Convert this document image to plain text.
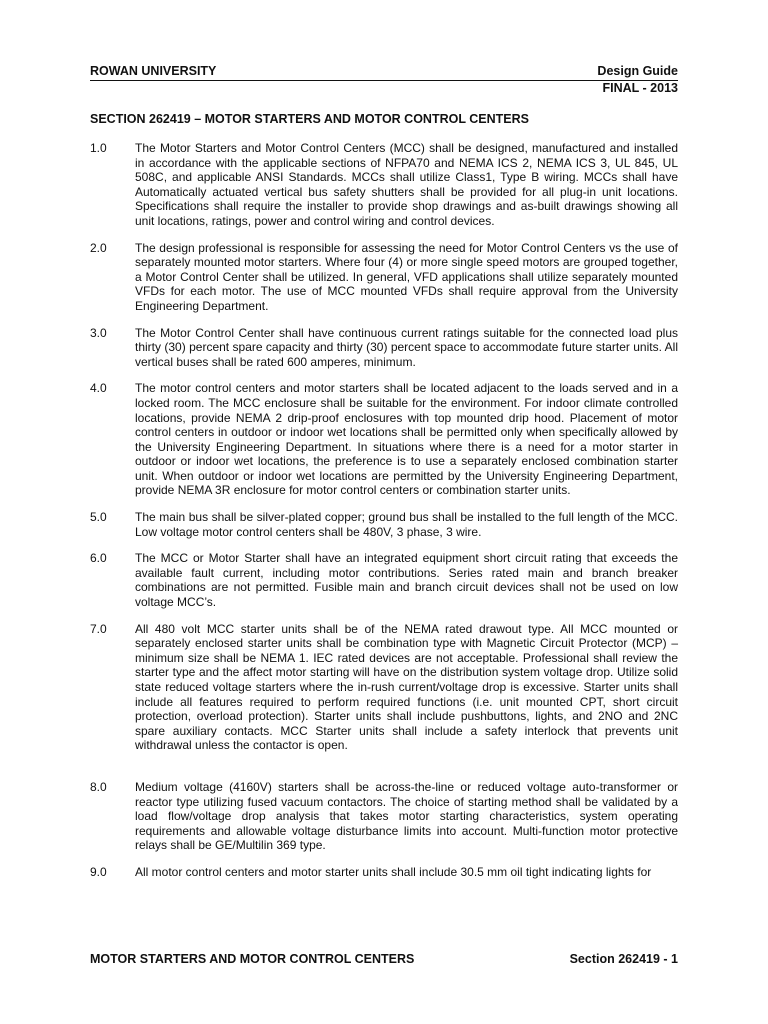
ROWAN UNIVERSITY	Design Guide
FINAL - 2013
SECTION 262419 – MOTOR STARTERS AND MOTOR CONTROL CENTERS
1.0	The Motor Starters and Motor Control Centers (MCC) shall be designed, manufactured and installed in accordance with the applicable sections of NFPA70 and NEMA ICS 2, NEMA ICS 3, UL 845, UL 508C, and applicable ANSI Standards. MCCs shall utilize Class1, Type B wiring. MCCs shall have Automatically actuated vertical bus safety shutters shall be provided for all plug-in unit locations. Specifications shall require the installer to provide shop drawings and as-built drawings showing all unit locations, ratings, power and control wiring and control devices.
2.0	The design professional is responsible for assessing the need for Motor Control Centers vs the use of separately mounted motor starters. Where four (4) or more single speed motors are grouped together, a Motor Control Center shall be utilized. In general, VFD applications shall utilize separately mounted VFDs for each motor. The use of MCC mounted VFDs shall require approval from the University Engineering Department.
3.0	The Motor Control Center shall have continuous current ratings suitable for the connected load plus thirty (30) percent spare capacity and thirty (30) percent space to accommodate future starter units. All vertical buses shall be rated 600 amperes, minimum.
4.0	The motor control centers and motor starters shall be located adjacent to the loads served and in a locked room. The MCC enclosure shall be suitable for the environment. For indoor climate controlled locations, provide NEMA 2 drip-proof enclosures with top mounted drip hood. Placement of motor control centers in outdoor or indoor wet locations shall be permitted only when specifically allowed by the University Engineering Department. In situations where there is a need for a motor starter in outdoor or indoor wet locations, the preference is to use a separately enclosed combination starter unit. When outdoor or indoor wet locations are permitted by the University Engineering Department, provide NEMA 3R enclosure for motor control centers or combination starter units.
5.0	The main bus shall be silver-plated copper; ground bus shall be installed to the full length of the MCC. Low voltage motor control centers shall be 480V, 3 phase, 3 wire.
6.0	The MCC or Motor Starter shall have an integrated equipment short circuit rating that exceeds the available fault current, including motor contributions. Series rated main and branch breaker combinations are not permitted. Fusible main and branch circuit devices shall not be used on low voltage MCC’s.
7.0	All 480 volt MCC starter units shall be of the NEMA rated drawout type. All MCC mounted or separately enclosed starter units shall be combination type with Magnetic Circuit Protector (MCP) – minimum size shall be NEMA 1. IEC rated devices are not acceptable. Professional shall review the starter type and the affect motor starting will have on the distribution system voltage drop. Utilize solid state reduced voltage starters where the in-rush current/voltage drop is excessive. Starter units shall include all features required to perform required functions (i.e. unit mounted CPT, short circuit protection, overload protection). Starter units shall include pushbuttons, lights, and 2NO and 2NC spare auxiliary contacts. MCC Starter units shall include a safety interlock that prevents unit withdrawal unless the contactor is open.
8.0	Medium voltage (4160V) starters shall be across-the-line or reduced voltage auto-transformer or reactor type utilizing fused vacuum contactors. The choice of starting method shall be validated by a load flow/voltage drop analysis that takes motor starting characteristics, system operating requirements and allowable voltage disturbance limits into account. Multi-function motor protective relays shall be GE/Multilin 369 type.
9.0	All motor control centers and motor starter units shall include 30.5 mm oil tight indicating lights for
MOTOR STARTERS AND MOTOR CONTROL CENTERS	Section 262419 - 1
